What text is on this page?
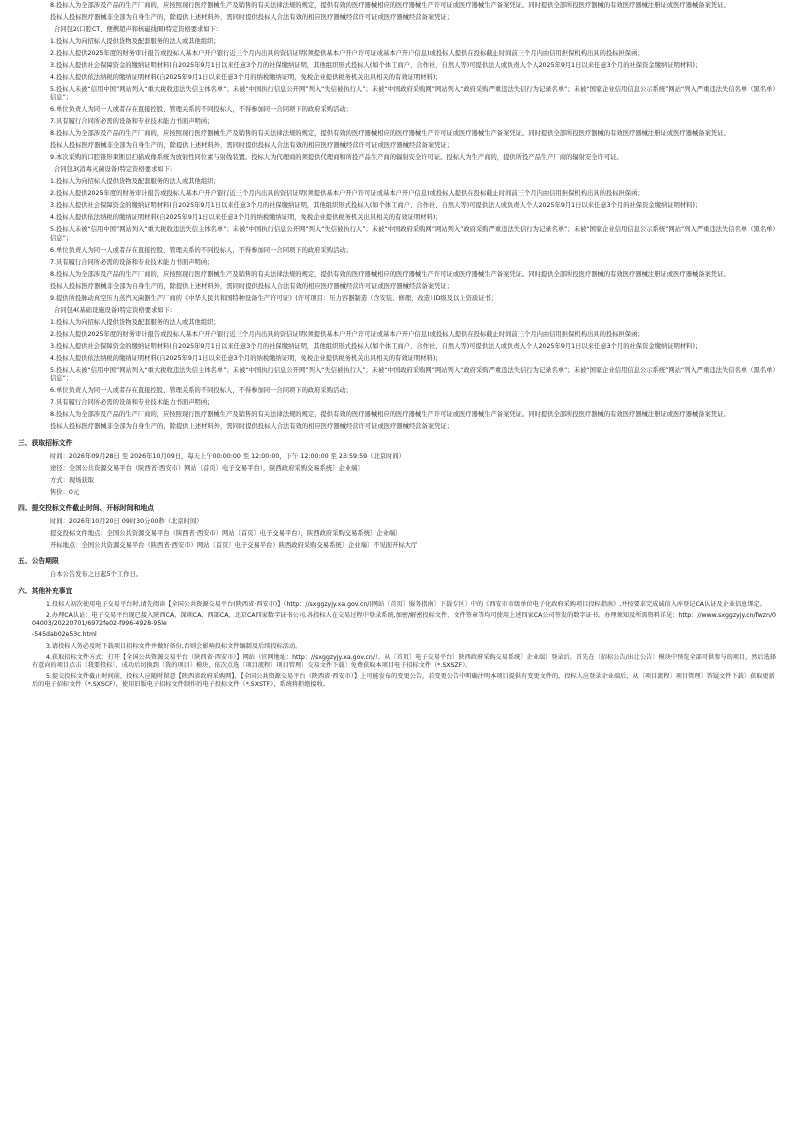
8.投标人为全部涉及产品的生产厂商的，应按照现行医疗器械生产及销售的有关法律法规的规定，提供有效的医疗器械相应的医疗器械生产许可证或医疗器械生产备案凭证。同时提供全部所投医疗器械的有效医疗器械注册证或医疗器械备案凭证。
投标人投标医疗器械非全部为自身生产的，除提供上述材料外，需同时提供投标人合法有效的相应医疗器械经营许可证或医疗器械经营备案凭证；
合同包2(口腔CT、便携超声和核磁线圈)特定资格要求如下:
1.投标人为向招标人提供货物及配套服务的法人或其他组织；
2.投标人提供2025年度的财务审计报告或投标人基本户开户银行近三个月内出具的资信证明(须提供基本户开户许可证或基本户开户信息)或投标人提供在投标截止时间前三个月内由信用担保机构出具的投标担保函；
3.投标人提供社会保障资金的缴纳证明材料(自2025年9月1日以来任意3个月的社保缴纳证明，其他组织形式投标人(如个体工商户、合作社、自然人等)可提供法人或负责人个人2025年9月1日以来任意3个月的社保资金缴纳证明材料)；
4.投标人提供依法纳税的缴纳证明材料(自2025年9月1日以来任意3个月的纳税缴纳证明，免税企业提供税务机关出具相关的有效证明材料)；
5.投标人未被“信用中国”网站列入“重大税收违法失信主体名单”；未被“中国执行信息公开网”列入“失信被执行人”；未被“中国政府采购网”网站列入“政府采购严重违法失信行为记录名单”；未被“国家企业信用信息公示系统”网站“列入严重违法失信名单（黑名单）信息”；
6.单位负责人为同一人或者存在直接控股、管理关系的不同投标人，不得参加同一合同项下的政府采购活动；
7.具有履行合同所必需的设备和专业技术能力书面声明函；
8.投标人为全部涉及产品的生产厂商的，应按照现行医疗器械生产及销售的有关法律法规的规定，提供有效的医疗器械相应的医疗器械生产许可证或医疗器械生产备案凭证。同时提供全部所投医疗器械的有效医疗器械注册证或医疗器械备案凭证。
投标人投标医疗器械非全部为自身生产的，除提供上述材料外，需同时提供投标人合法有效的相应医疗器械经营许可证或医疗器械经营备案凭证；
9.本次采购的口腔锥形束断层扫描成像系统为放射性同位素与射线装置。投标人为代理商的须提供代理商和所投产品生产商的辐射安全许可证。投标人为生产商的，提供所投产品生产厂商的辐射安全许可证。
合同包3(消毒灭菌设备)特定资格要求如下:
1.投标人为向招标人提供货物及配套服务的法人或其他组织；
2.投标人提供2025年度的财务审计报告或投标人基本户开户银行近三个月内出具的资信证明(须提供基本户开户许可证或基本户开户信息)或投标人提供在投标截止时间前三个月内由信用担保机构出具的投标担保函；
3.投标人提供社会保障资金的缴纳证明材料(自2025年9月1日以来任意3个月的社保缴纳证明，其他组织形式投标人(如个体工商户、合作社、自然人等)可提供法人或负责人个人2025年9月1日以来任意3个月的社保资金缴纳证明材料)；
4.投标人提供依法纳税的缴纳证明材料(自2025年9月1日以来任意3个月的纳税缴纳证明，免税企业提供税务机关出具相关的有效证明材料)；
5.投标人未被“信用中国”网站列入“重大税收违法失信主体名单”；未被“中国执行信息公开网”列入“失信被执行人”；未被“中国政府采购网”网站列入“政府采购严重违法失信行为记录名单”；未被“国家企业信用信息公示系统”网站“列入严重违法失信名单（黑名单）信息”；
6.单位负责人为同一人或者存在直接控股、管理关系的不同投标人，不得参加同一合同项下的政府采购活动；
7.具有履行合同所必需的设备和专业技术能力书面声明函；
8.投标人为全部涉及产品的生产厂商的，应按照现行医疗器械生产及销售的有关法律法规的规定，提供有效的医疗器械相应的医疗器械生产许可证或医疗器械生产备案凭证。同时提供全部所投医疗器械的有效医疗器械注册证或医疗器械备案凭证。
投标人投标医疗器械非全部为自身生产的，除提供上述材料外，需同时提供投标人合法有效的相应医疗器械经营许可证或医疗器械经营备案凭证；
9.提供所投脉动真空压力蒸汽灭菌器生产厂商的《中华人民共和国特种设备生产许可证》(许可项目：压力容器制造（含安装、修理、改造）)D级及以上资质证书；
合同包4(基础设施设备)特定资格要求如下:
1.投标人为向招标人提供货物及配套服务的法人或其他组织；
2.投标人提供2025年度的财务审计报告或投标人基本户开户银行近三个月内出具的资信证明(须提供基本户开户许可证或基本户开户信息)或投标人提供在投标截止时间前三个月内由信用担保机构出具的投标担保函；
3.投标人提供社会保障资金的缴纳证明材料(自2025年9月1日以来任意3个月的社保缴纳证明，其他组织形式投标人(如个体工商户、合作社、自然人等)可提供法人或负责人个人2025年9月1日以来任意3个月的社保资金缴纳证明材料)；
4.投标人提供依法纳税的缴纳证明材料(自2025年9月1日以来任意3个月的纳税缴纳证明，免税企业提供税务机关出具相关的有效证明材料)；
5.投标人未被“信用中国”网站列入“重大税收违法失信主体名单”；未被“中国执行信息公开网”列入“失信被执行人”；未被“中国政府采购网”网站列入“政府采购严重违法失信行为记录名单”；未被“国家企业信用信息公示系统”网站“列入严重违法失信名单（黑名单）信息”；
6.单位负责人为同一人或者存在直接控股、管理关系的不同投标人，不得参加同一合同项下的政府采购活动；
7.具有履行合同所必需的设备和专业技术能力书面声明函；
8.投标人为全部涉及产品的生产厂商的，应按照现行医疗器械生产及销售的有关法律法规的规定，提供有效的医疗器械相应的医疗器械生产许可证或医疗器械生产备案凭证。同时提供全部所投医疗器械的有效医疗器械注册证或医疗器械备案凭证。
投标人投标医疗器械非全部为自身生产的，除提供上述材料外，需同时提供投标人合法有效的相应医疗器械经营许可证或医疗器械经营备案凭证；
三、获取招标文件
时间：2026年09月28日 至 2026年10月09日，每天上午00:00:00 至 12:00:00，下午 12:00:00 至 23:59:59（北京时间）
途径：全国公共资源交易平台（陕西省·西安市）网站〔首页〕电子交易平台），陕西政府采购交易系统〕企业端〕
方式：现场获取
售价：0元
四、提交投标文件截止时间、开标时间和地点
时间：2026年10月20日 09时30分00秒（北京时间）
提交投标文件地点：全国公共资源交易平台（陕西省·西安市）网站〔首页〕电子交易平台），陕西政府采购交易系统〕企业端〕
开标地点：全国公共资源交易平台（陕西省·西安市）网站〔首页〕电子交易平台）陕西政府采购交易系统〕企业端〕不见面开标大厅
五、公告期限
自本公告发布之日起5个工作日。
六、其他补充事宜
1.投标人初次使用电子交易平台时,请先阅读【全国公共资源交易平台(陕西省·西安市)】（http：//sxggzyjy.xa.gov.cn/)网站〔首页〕服务指南〕下载专区〕中的《西安市市级单位电子化政府采购项目投标指南》,并按要求完成诚信入库登记CA认证及企业信息绑定。
2.办理CA认证：电子交易平台现已接入陕西CA、深圳CA、西部CA、北京CA四家数字证书公司,各投标人在交易过程中登录系统,加密/解密投标文件、文件签章等均可使用上述四家CA公司签发的数字证书。办理须知及所需资料详见：http：//www.sxggzyjy.cn/fwzn/004003/20220701/6972fe02-f996-4928-95le
-545dab02e53c.html
3.请投标人务必及时下载项目招标文件并做好备份,否则会影响投标文件编制及后续投标活动。
4.获取招标文件方式：打开【全国公共资源交易平台（陕西省·西安市）】网站（官网地址：http：//sxggzyjy.xa.gov.cn/），从〔首页〕电子交易平台〕陕西政府采购交易系统〕企业端〕登录后，首先在〔招标公告/出让公告〕模块中预览全部可供参与的项目，然后选择有意向的项目点击〔我要投标〕，成功后切换到〔我的项目〕模块，依次点选〔项目流程〕项目管理〕交易文件下载〕免费获取本项目电子招标文件（*.SXSZF）。
5.提交投标文件截止时间前，投标人应随时留意【陕西省政府采购网】、【全国公共资源交易平台（陕西省·西安市）】上可能发布的变更公告。若变更公告中明确注明本项目提供有变更文件的，投标人应登录企业端后，从〔项目流程〕项目管理〕答疑文件下载〕获取更新后的电子招标文件（*.SXSCF），使用旧版电子招标文件制作的电子投标文件（*.SXSTF），系统将拒绝接收。
